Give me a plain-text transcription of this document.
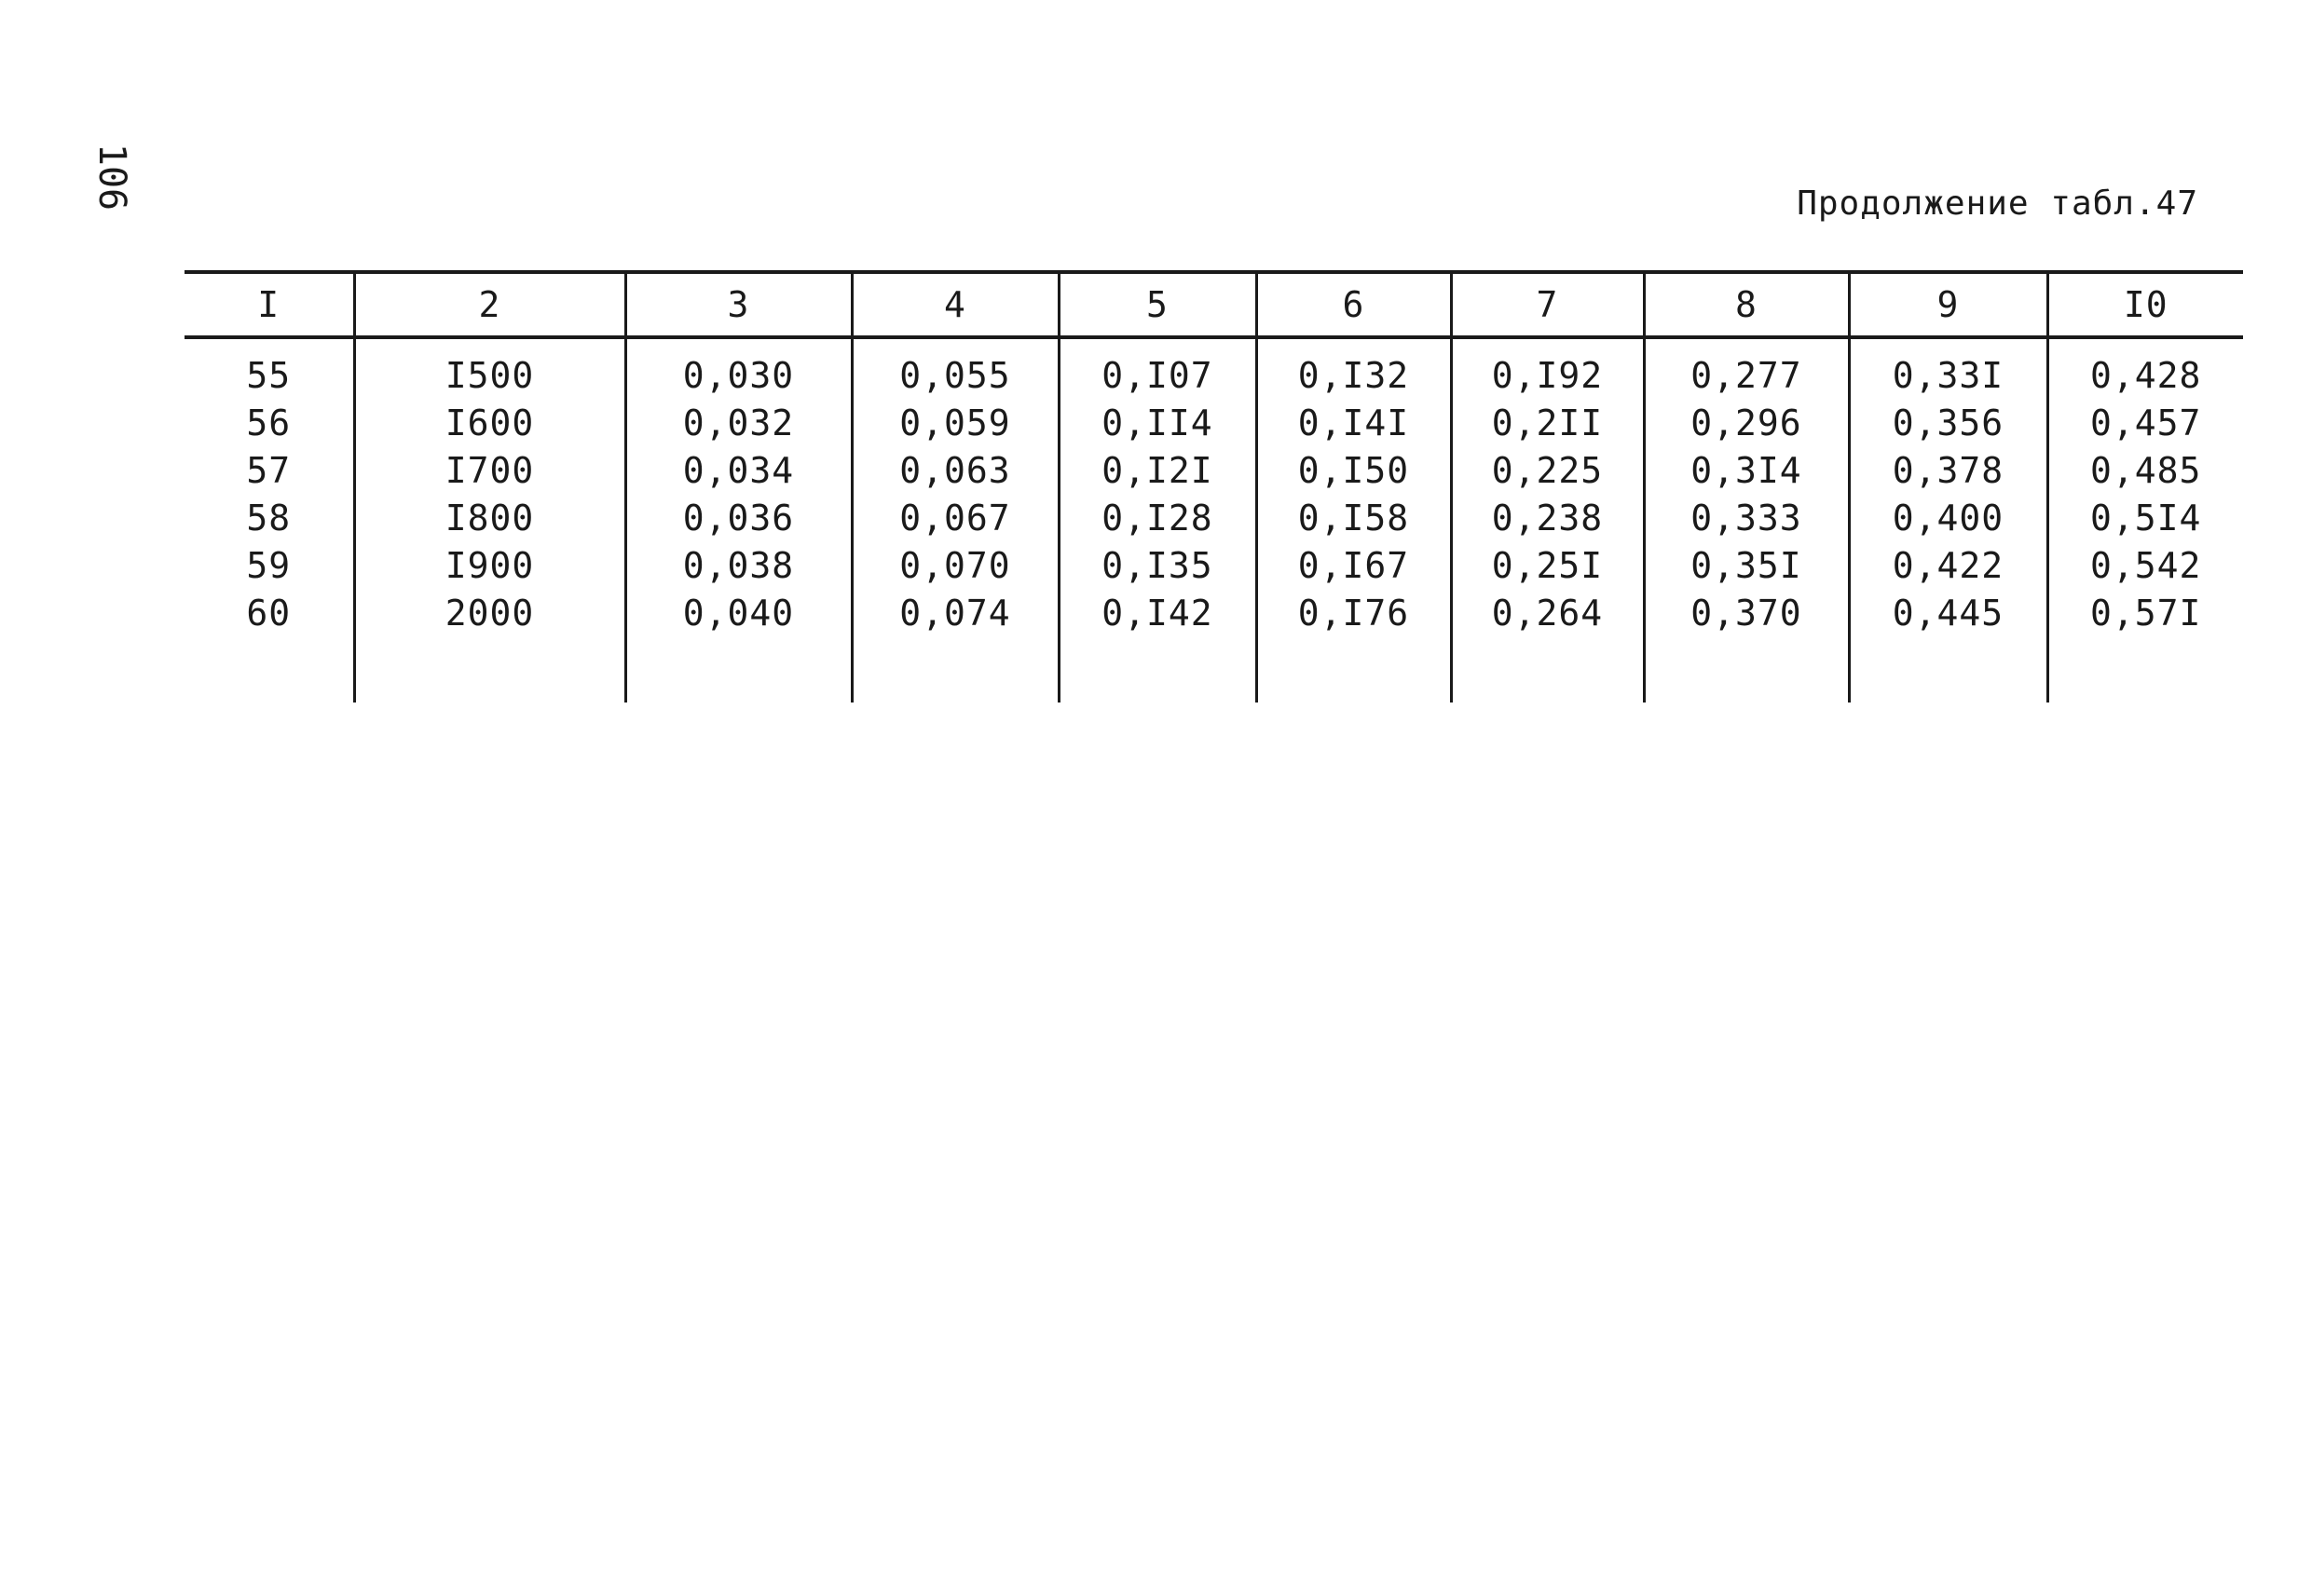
106	Продолжение табл.47
I	2	3	4	5	6	7	8	9	I0
55	I500	0,030	0,055	0,I07	0,I32	0,I92	0,277	0,33I	0,428
56	I600	0,032	0,059	0,II4	0,I4I	0,2II	0,296	0,356	0,457
57	I700	0,034	0,063	0,I2I	0,I50	0,225	0,3I4	0,378	0,485
58	I800	0,036	0,067	0,I28	0,I58	0,238	0,333	0,400	0,5I4
59	I900	0,038	0,070	0,I35	0,I67	0,25I	0,35I	0,422	0,542
60	2000	0,040	0,074	0,I42	0,I76	0,264	0,370	0,445	0,57I
